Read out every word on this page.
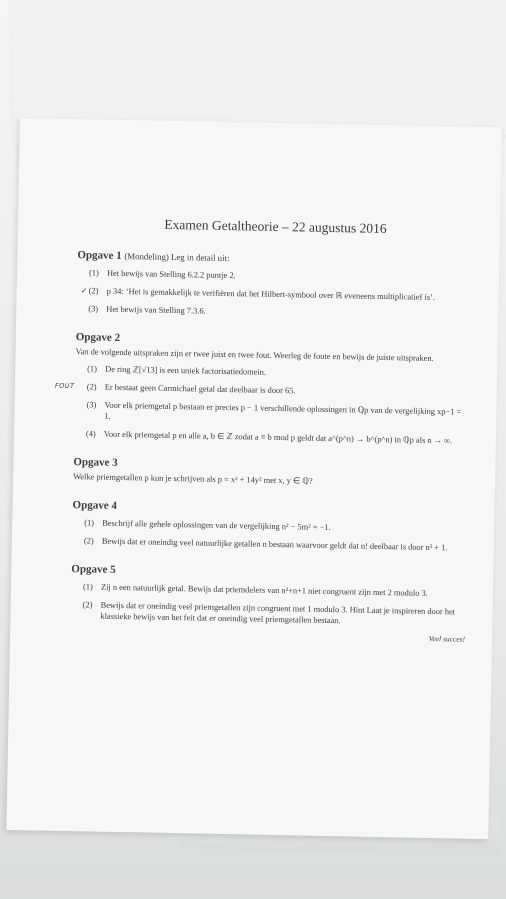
Examen Getaltheorie – 22 augustus 2016
Opgave 1 (Mondeling) Leg in detail uit:
(1) Het bewijs van Stelling 6.2.2 puntje 2.
✓ (2) p 34: ‘Het is gemakkelijk te verifiëren dat het Hilbert-symbool over ℝ eveneens multiplicatief is’.
(3) Het bewijs van Stelling 7.3.6.
Opgave 2
Van de volgende uitspraken zijn er twee juist en twee fout. Weerleg de foute en bewijs de juiste uitspraken.
(1) De ring ℤ[√13] is een uniek factorisatiedomein.
FOUT (2) Er bestaat geen Carmichael getal dat deelbaar is door 65.
(3) Voor elk priemgetal p bestaan er precies p − 1 verschillende oplossingen in ℚp van de vergelijking xp−1 = 1.
(4) Voor elk priemgetal p en alle a, b ∈ ℤ zodat a ≡ b mod p geldt dat a^(p^n) → b^(p^n) in ℚp als n → ∞.
Opgave 3
Welke priemgetallen p kun je schrijven als p = x² + 14y² met x, y ∈ ℚ?
Opgave 4
(1) Beschrijf alle gehele oplossingen van de vergelijking n² − 5m² = −1.
(2) Bewijs dat er oneindig veel natuurlijke getallen n bestaan waarvoor geldt dat n! deelbaar is door n² + 1.
Opgave 5
(1) Zij n een natuurlijk getal. Bewijs dat priemdelers van n²+n+1 niet congruent zijn met 2 modulo 3.
(2) Bewijs dat er oneindig veel priemgetallen zijn congruent met 1 modulo 3. Hint Laat je inspireren door het klassieke bewijs van het feit dat er oneindig veel priemgetallen bestaan.
Veel succes!
